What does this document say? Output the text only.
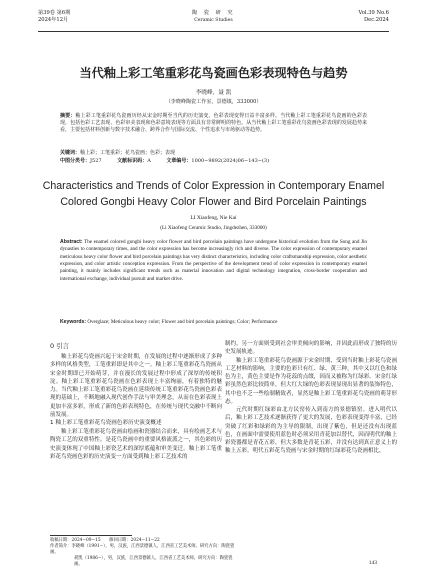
第39卷 第6期
2024年12月
陶 瓷 研 究
Ceramic Studies
Vol.39 No.6
Dec.2024
当代釉上彩工笔重彩花鸟瓷画色彩表现特色与趋势
李晓峰，聂 凯
（李晓峰陶瓷工作室，景德镇，333000）
摘要：釉上彩工笔重彩花鸟瓷画历经从宋金时期至当代的历史演变，色彩表现变得日益丰富多样。当代釉上彩工笔重彩花鸟瓷画的色彩表现，包括色彩工艺表现、色彩审美表现和色彩意境表现等方面具有非常鲜明的特色。从当代釉上彩工笔重彩花鸟瓷画色彩表现的发展趋势来看，主要包括材料创新与数字技术融合、跨界合作与国际交流、个性追求与市场驱动等趋势。
关键词：釉上彩；工笔重彩；花鸟瓷画；色彩；表现
中图分类号：J527	文献标识码：A	文章编号：1000−9892(2024)06−143−(3)
Characteristics and Trends of Color Expression in Contemporary Enamel
Colored Gongbi Heavy Color Flower and Bird Porcelain Paintings
LI Xiaofeng, Nie Kai
(Li Xiaofeng Ceramic Studio, Jingdezhen, 333000)
Abstract: The enamel colored gongbi heavy color flower and bird porcelain paintings have undergone historical evolution from the Song and Jin dynasties to contemporary times, and the color expression has become increasingly rich and diverse. The color expression of contemporary enamel meticulous heavy color flower and bird porcelain paintings has very distinct characteristics, including color craftsmanship expression, color aesthetic expression, and color artistic conception expression. From the perspective of the development trend of color expression in contemporary enamel painting, it mainly includes significant trends such as material innovation and digital technology integration, cross-border cooperation and international exchange, individual pursuit and market drive.
Keywords: Overglaze; Meticulous heavy color; Flower and bird porcelain paintings; Color; Performance
0 引言

釉上彩花鸟瓷画兴起于宋金时期，在发展的过程中逐渐形成了多种多样的风格类型，工笔重彩即是其中之一。釉上彩工笔重彩花鸟瓷画从宋金时期即已开始萌芽，并在漫长的发展过程中形成了深厚的传统积淀。釉上彩工笔重彩花鸟瓷画在色彩表现上丰富绚丽，有着独特的魅力。当代釉上彩工笔重彩花鸟瓷画在延续传统工笔重彩花鸟瓷画色彩表现的基础上，不断地融入现代创作手法与审美理念，从而在色彩表现上更加丰富多彩，形成了新的色彩表现特色，在传统与现代交融中不断向前发展。

1 釉上彩工笔重彩花鸟瓷画色彩历史演变概述

釉上彩工笔重彩花鸟瓷画由绘画和瓷器结合而来，具有绘画艺术与陶瓷工艺的双重特性。是花鸟瓷画中的重要风格流派之一，其色彩的历史演变体现了中国釉上彩瓷艺术的深厚底蕴和审美变迁。釉上彩工笔重彩花鸟瓷画色彩的历史演变一方面受到釉上彩工艺技术的

制约，另一方面则受到社会审美倾向的影响，并因此而形成了独特的历史发展轨迹。

釉上彩工笔重彩花鸟瓷画源于宋金时期，受到当时釉上彩花鸟瓷画工艺材料的影响，主要的色彩只有红、绿、黄三种，其中又以红色和绿色为主，黄色主要是作为花蕊的点缀，因而又被称为红绿彩。宋金红绿彩虽然色彩比较简单，但大红大绿的色彩表现显现出显著的装饰特色，其中也不乏一些绘制精致者，显然是釉上彩工笔重彩花鸟瓷画的萌芽形态。

元代时期红绿彩由北方民窑传入到南方的景德镇窑。进入明代以后，釉上彩工艺技术逐渐获得了更大的发展，色彩表现变得丰富，已经突破了红彩和绿彩的为主导的限制，出现了紫色，但是还没有出现蓝色，在画面中需要使用蓝色时必须采用青花加以替代，因而明代的釉上彩瓷器都是青花五彩，但大多数是青花五彩，并没有达到真正意义上的釉上五彩。明代五彩花鸟瓷画与宋金时期的红绿彩花鸟瓷画相比，

收稿日期：2024−09−15   修回日期：2024−11−22
作者简介：李晓峰（1991−），男，汉族，江西景德镇人，江西省工艺美术师。研究方向：陶瓷瓷画。
聂凯（1986−），男，汉族，江西景德镇人，江西省工艺美术师。研究方向：陶瓷瓷画。	143
